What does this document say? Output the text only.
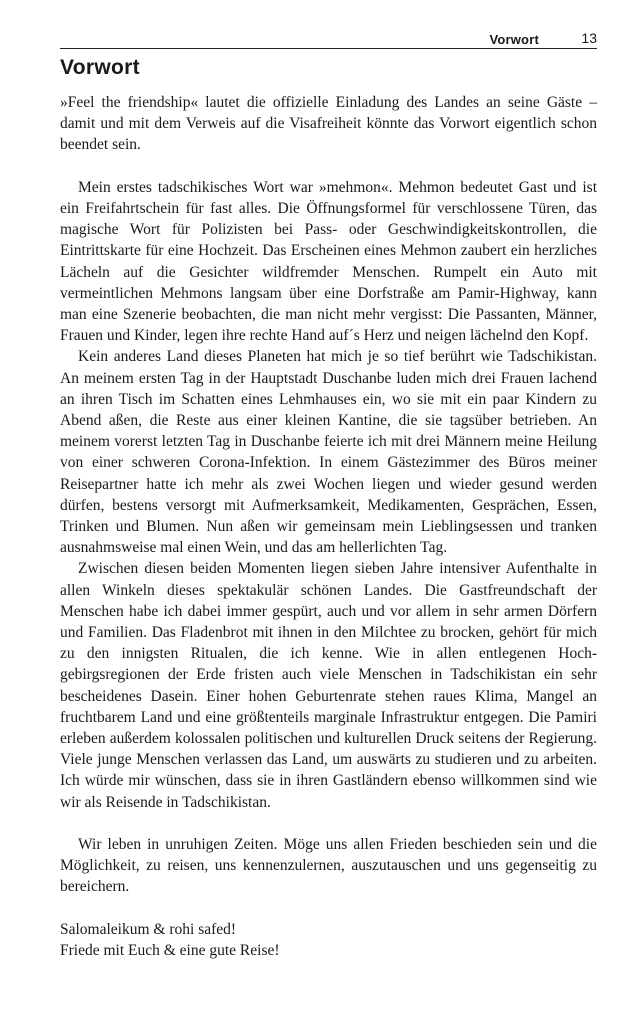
Vorwort	13
Vorwort

»Feel the friendship« lautet die offizielle Einladung des Landes an seine Gäste – damit und mit dem Verweis auf die Visafreiheit könnte das Vorwort eigentlich schon beendet sein.

Mein erstes tadschikisches Wort war »mehmon«. Mehmon bedeutet Gast und ist ein Freifahrtschein für fast alles. Die Öffnungsformel für verschlossene Türen, das magische Wort für Polizisten bei Pass- oder Geschwindigkeitskontrollen, die Eintrittskarte für eine Hochzeit. Das Erscheinen eines Mehmon zaubert ein herzliches Lächeln auf die Gesichter wildfremder Menschen. Rumpelt ein Auto mit vermeintlichen Mehmons langsam über eine Dorfstraße am Pamir-Highway, kann man eine Szenerie beobachten, die man nicht mehr vergisst: Die Passanten, Männer, Frauen und Kinder, legen ihre rechte Hand auf´s Herz und neigen lächelnd den Kopf.

Kein anderes Land dieses Planeten hat mich je so tief berührt wie Tadschikistan. An meinem ersten Tag in der Hauptstadt Duschanbe luden mich drei Frauen lachend an ihren Tisch im Schatten eines Lehmhauses ein, wo sie mit ein paar Kindern zu Abend aßen, die Reste aus einer kleinen Kantine, die sie tagsüber betrieben. An meinem vorerst letzten Tag in Duschanbe feierte ich mit drei Männern meine Heilung von einer schweren Corona-Infektion. In einem Gästezimmer des Büros meiner Reisepartner hatte ich mehr als zwei Wochen liegen und wieder gesund werden dürfen, bestens versorgt mit Aufmerksamkeit, Medikamenten, Gesprächen, Essen, Trinken und Blumen. Nun aßen wir gemeinsam mein Lieblingsessen und tranken ausnahmsweise mal einen Wein, und das am hellerlichten Tag.

Zwischen diesen beiden Momenten liegen sieben Jahre intensiver Aufenthalte in allen Winkeln dieses spektakulär schönen Landes. Die Gastfreundschaft der Menschen habe ich dabei immer gespürt, auch und vor allem in sehr armen Dörfern und Familien. Das Fladenbrot mit ihnen in den Milchtee zu brocken, gehört für mich zu den innigsten Ritualen, die ich kenne. Wie in allen entlegenen Hochgebirgsregionen der Erde fristen auch viele Menschen in Tadschikistan ein sehr bescheidenes Dasein. Einer hohen Geburtenrate stehen raues Klima, Mangel an fruchtbarem Land und eine größtenteils marginale Infrastruktur entgegen. Die Pamiri erleben außerdem kolossalen politischen und kulturellen Druck seitens der Regierung. Viele junge Menschen verlassen das Land, um auswärts zu studieren und zu arbeiten. Ich würde mir wünschen, dass sie in ihren Gastländern ebenso willkommen sind wie wir als Reisende in Tadschikistan.

Wir leben in unruhigen Zeiten. Möge uns allen Frieden beschieden sein und die Möglichkeit, zu reisen, uns kennenzulernen, auszutauschen und uns gegenseitig zu bereichern.

Salomaleikum & rohi safed!

Friede mit Euch & eine gute Reise!
